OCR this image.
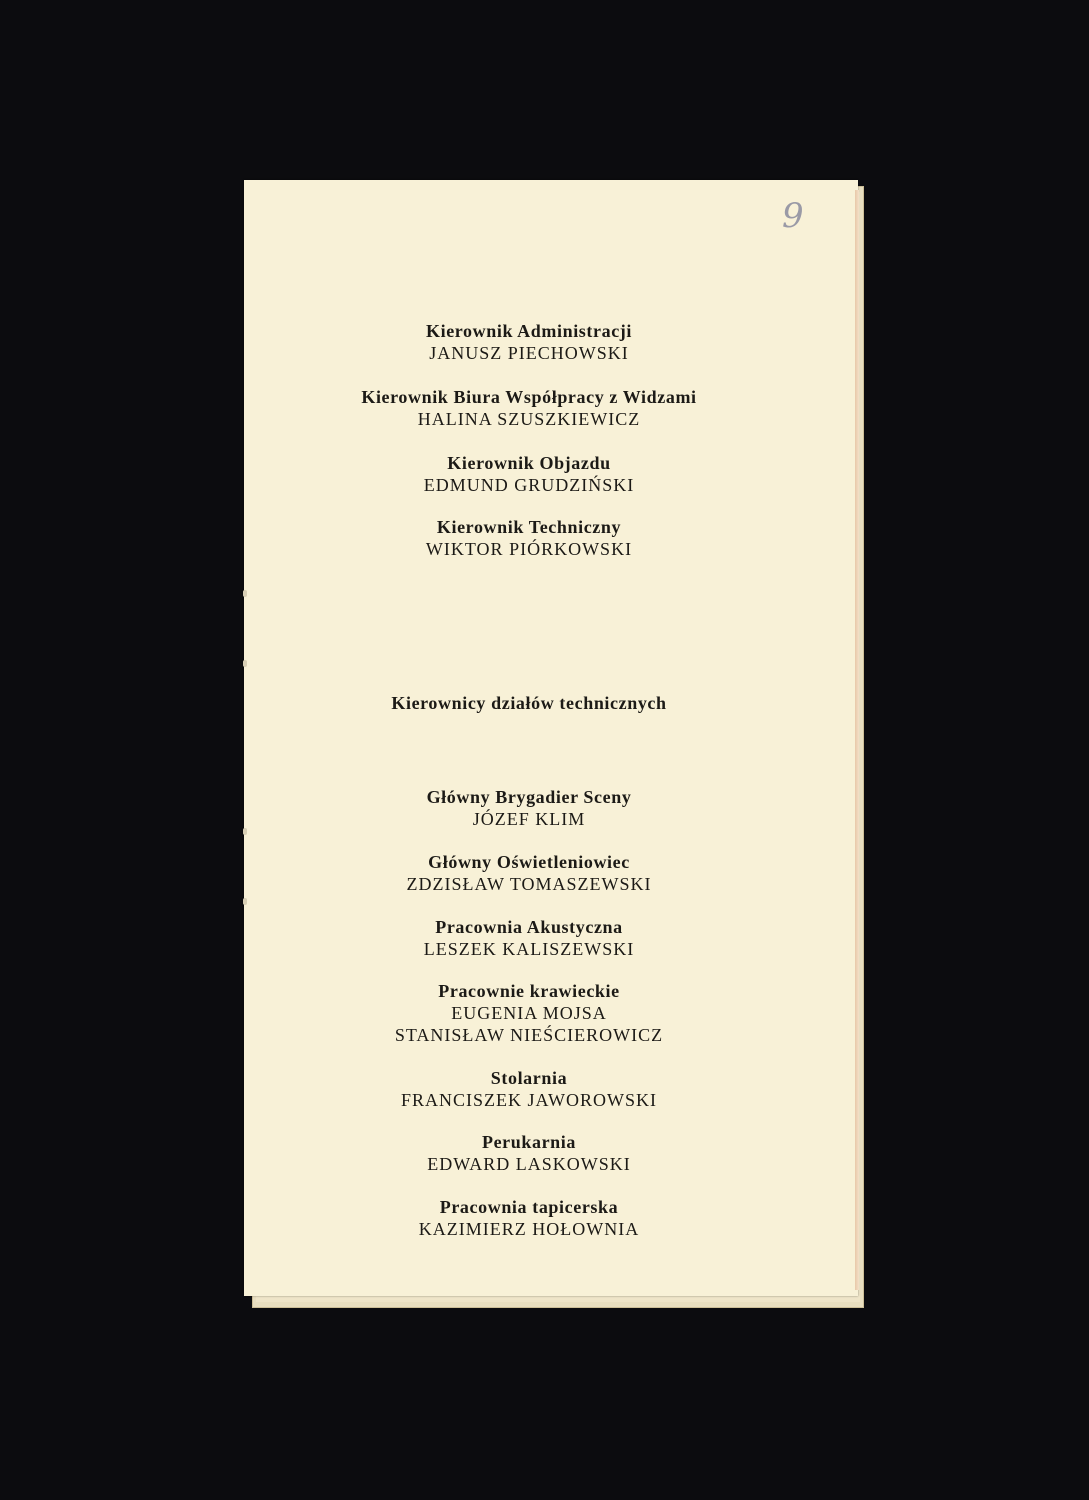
9
Kierownik Administracji
JANUSZ PIECHOWSKI
Kierownik Biura Współpracy z Widzami
HALINA SZUSZKIEWICZ
Kierownik Objazdu
EDMUND GRUDZIŃSKI
Kierownik Techniczny
WIKTOR PIÓRKOWSKI
Kierownicy działów technicznych
Główny Brygadier Sceny
JÓZEF KLIM
Główny Oświetleniowiec
ZDZISŁAW TOMASZEWSKI
Pracownia Akustyczna
LESZEK KALISZEWSKI
Pracownie krawieckie
EUGENIA MOJSA
STANISŁAW NIEŚCIEROWICZ
Stolarnia
FRANCISZEK JAWOROWSKI
Perukarnia
EDWARD LASKOWSKI
Pracownia tapicerska
KAZIMIERZ HOŁOWNIA
